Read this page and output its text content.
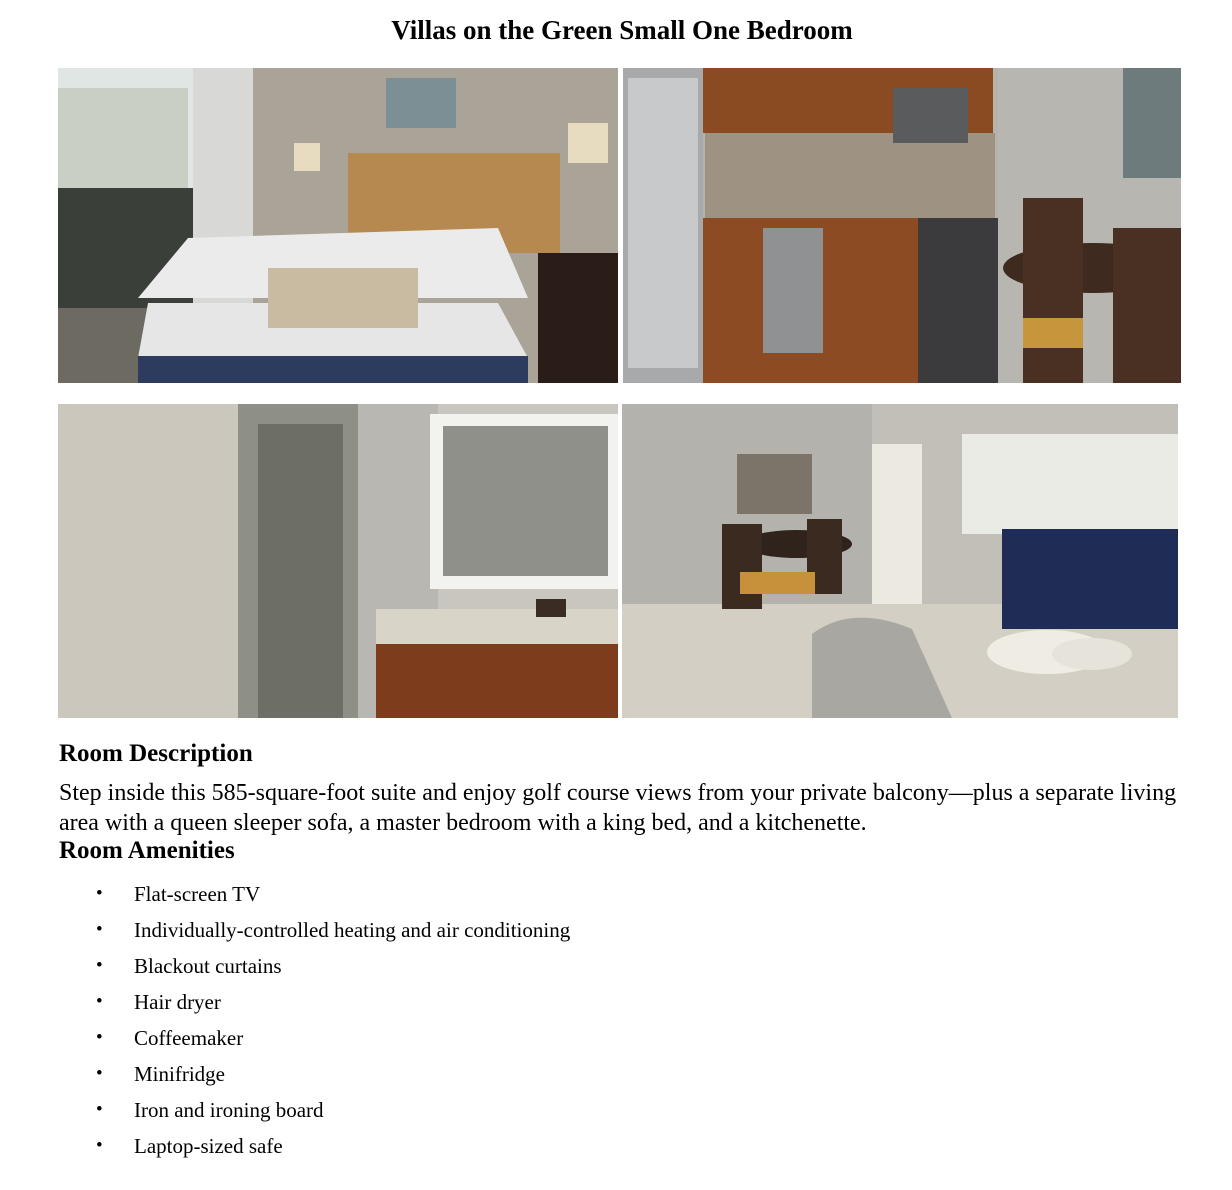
Villas on the Green Small One Bedroom
Room Description

Step inside this 585-square-foot suite and enjoy golf course views from your private balcony—plus a separate living area with a queen sleeper sofa, a master bedroom with a king bed, and a kitchenette.

Room Amenities
• Flat-screen TV
• Individually-controlled heating and air conditioning
• Blackout curtains
• Hair dryer
• Coffeemaker
• Minifridge
• Iron and ironing board
• Laptop-sized safe
